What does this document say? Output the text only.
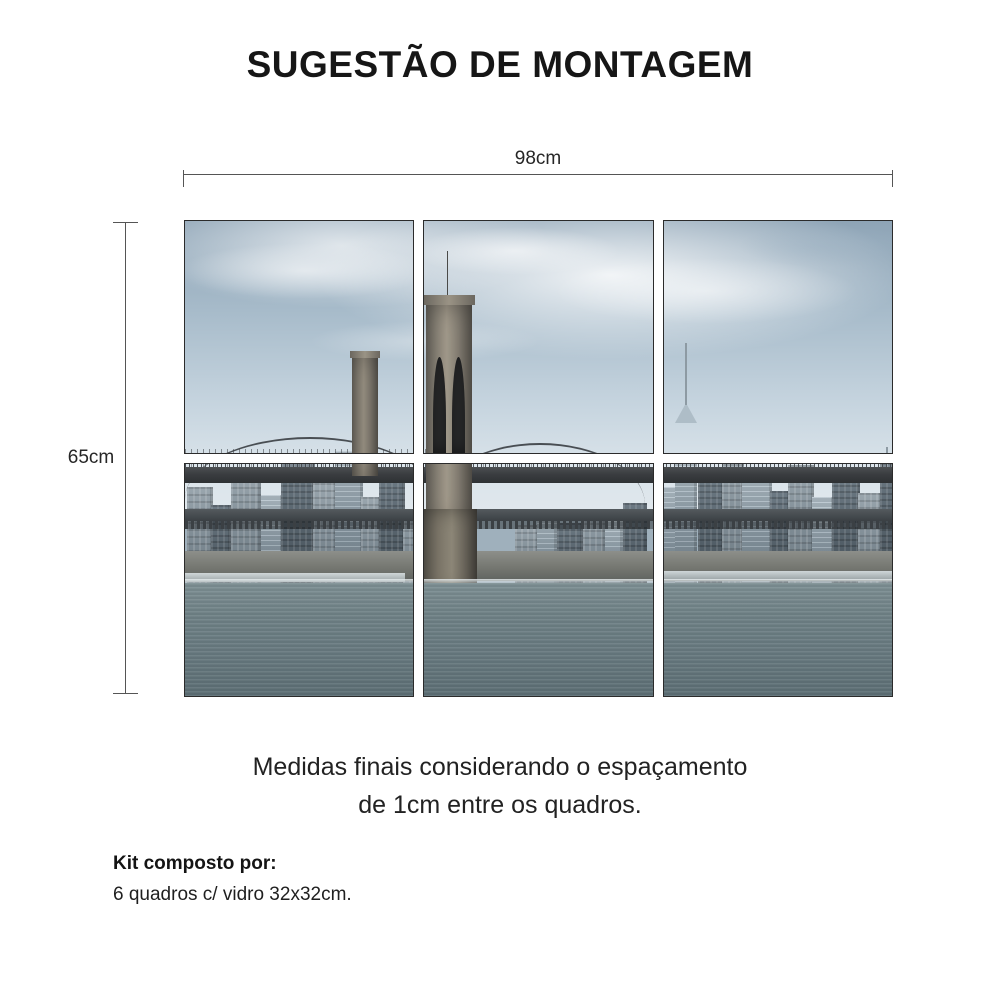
SUGESTÃO DE MONTAGEM
98cm
65cm
Medidas finais considerando o espaçamento
de 1cm entre os quadros.
Kit composto por:
6 quadros c/ vidro 32x32cm.
